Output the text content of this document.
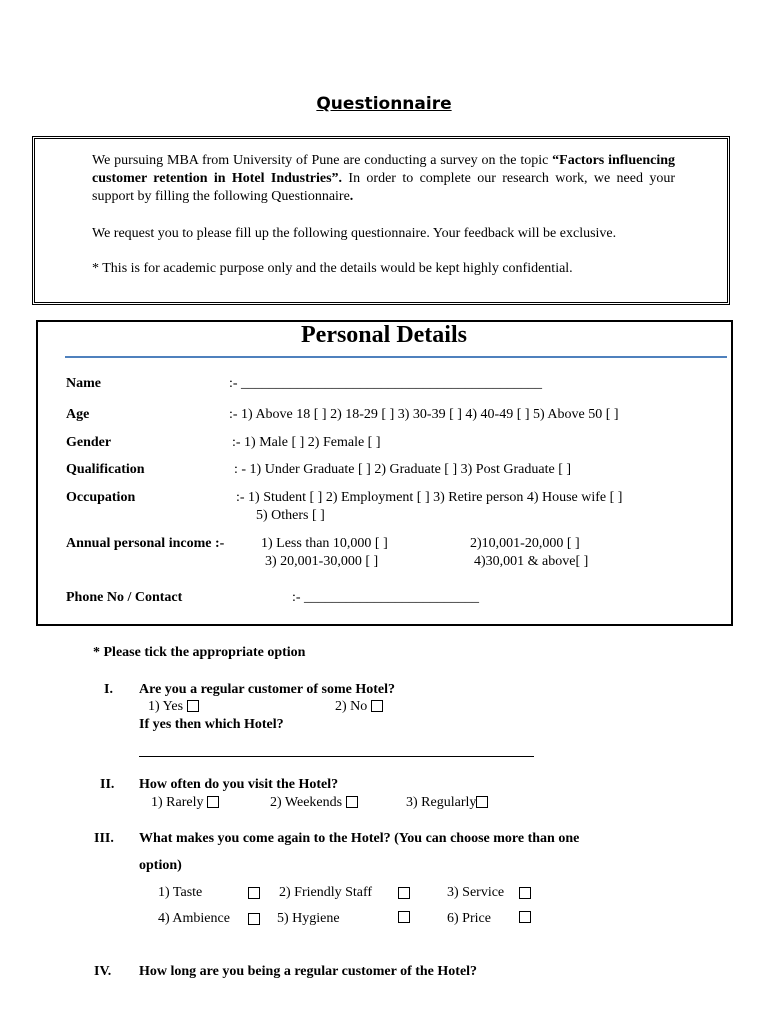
Questionnaire
We pursuing MBA from University of Pune are conducting a survey on the topic “Factors influencing customer retention in Hotel Industries”. In order to complete our research work, we need your support by filling the following Questionnaire.
We request you to please fill up the following questionnaire. Your feedback will be exclusive.
* This is for academic purpose only and the details would be kept highly confidential.
Personal Details
Name	:- ___________________________________________
Age	:- 1) Above 18 [ ] 2) 18-29 [ ] 3) 30-39 [ ] 4) 40-49 [ ] 5) Above 50 [ ]
Gender	:- 1) Male [ ] 2) Female [ ]
Qualification	: - 1) Under Graduate [ ] 2) Graduate [ ] 3) Post Graduate [ ]
Occupation	:- 1) Student [ ] 2) Employment [ ] 3) Retire person 4) House wife [ ]
5) Others [ ]
Annual personal income :-	1) Less than 10,000 [ ]	2)10,001-20,000 [ ]
3) 20,001-30,000 [ ]	4)30,001 & above[ ]
Phone No / Contact	:- _________________________
* Please tick the appropriate option
I. Are you a regular customer of some Hotel?
1) Yes	2) No
If yes then which Hotel?
II. How often do you visit the Hotel?
1) Rarely	2) Weekends	3) Regularly
III. What makes you come again to the Hotel? (You can choose more than one
option)
1) Taste	2) Friendly Staff	3) Service
4) Ambience	5) Hygiene	6) Price
IV. How long are you being a regular customer of the Hotel?
